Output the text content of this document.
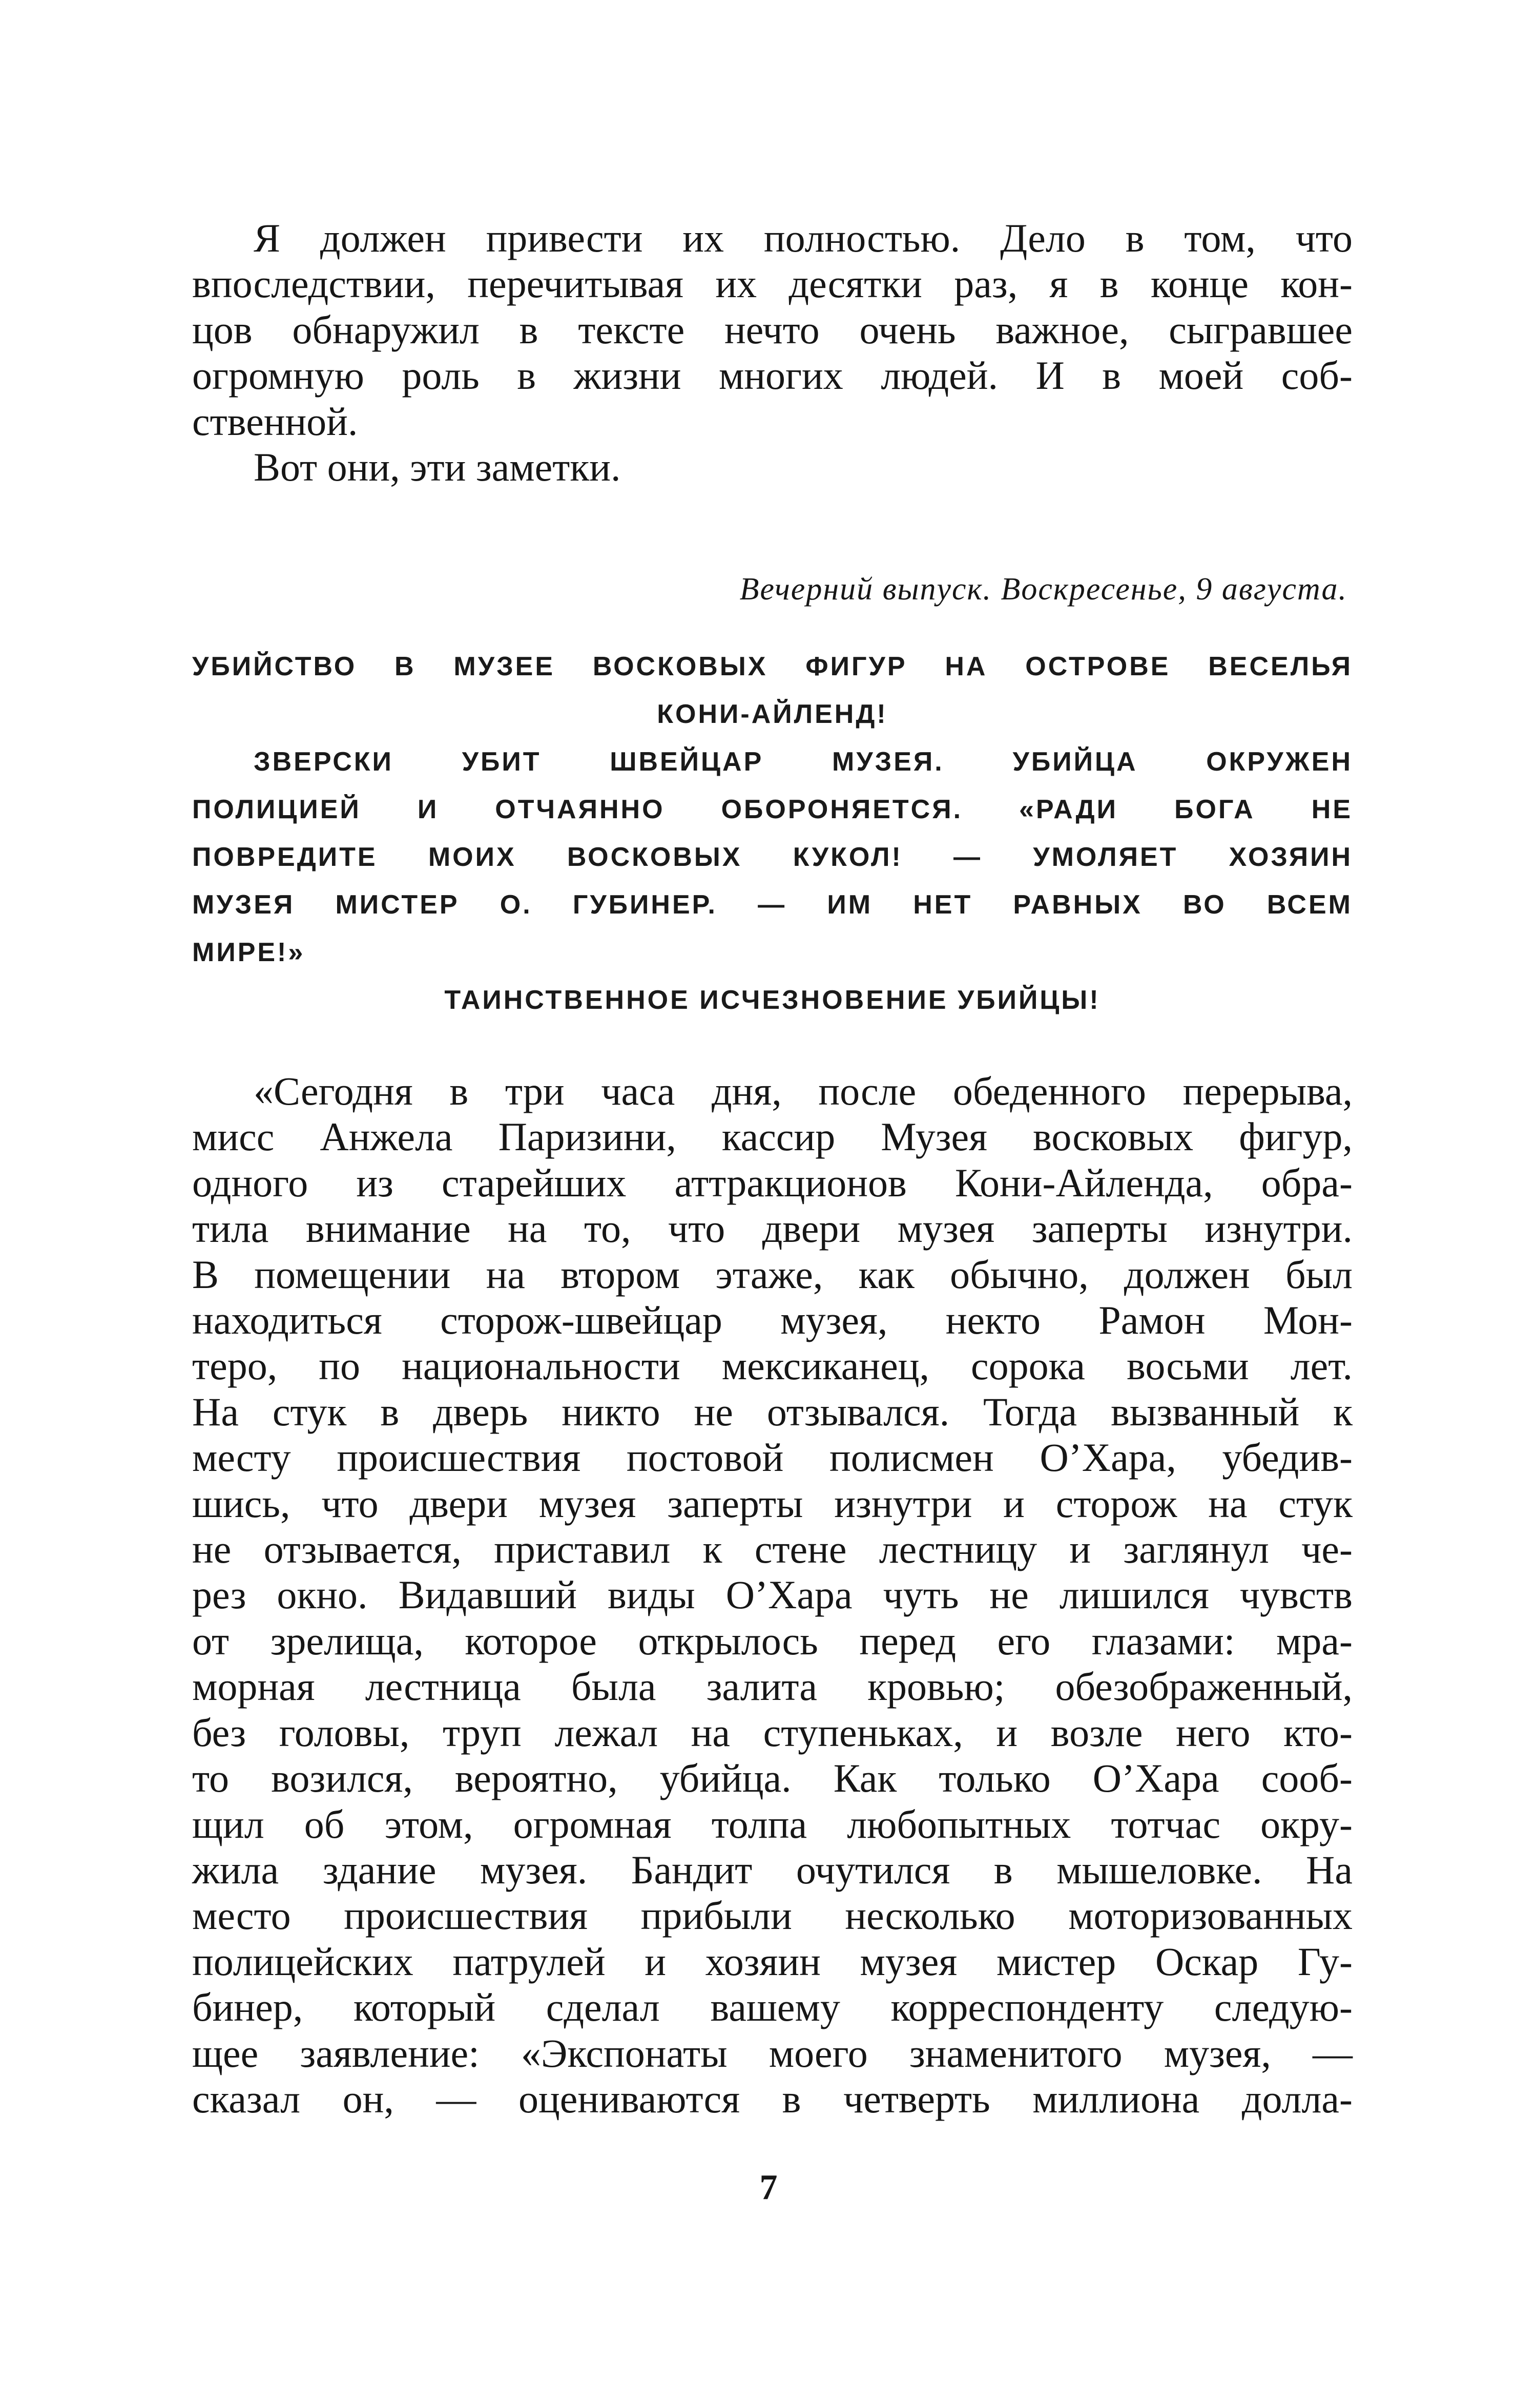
Я должен привести их полностью. Дело в том, что
впоследствии, перечитывая их десятки раз, я в конце кон-
цов обнаружил в тексте нечто очень важное, сыгравшее
огромную роль в жизни многих людей. И в моей соб-
ственной.
Вот они, эти заметки.
Вечерний выпуск. Воскресенье, 9 августа.
УБИЙСТВО В МУЗЕЕ ВОСКОВЫХ ФИГУР НА ОСТРОВЕ ВЕСЕЛЬЯ
КОНИ-АЙЛЕНД!
ЗВЕРСКИ УБИТ ШВЕЙЦАР МУЗЕЯ. УБИЙЦА ОКРУЖЕН
ПОЛИЦИЕЙ И ОТЧАЯННО ОБОРОНЯЕТСЯ. «РАДИ БОГА НЕ
ПОВРЕДИТЕ МОИХ ВОСКОВЫХ КУКОЛ! — УМОЛЯЕТ ХОЗЯИН
МУЗЕЯ МИСТЕР О. ГУБИНЕР. — ИМ НЕТ РАВНЫХ ВО ВСЕМ
МИРЕ!»
ТАИНСТВЕННОЕ ИСЧЕЗНОВЕНИЕ УБИЙЦЫ!
«Сегодня в три часа дня, после обеденного перерыва,
мисс Анжела Паризини, кассир Музея восковых фигур,
одного из старейших аттракционов Кони-Айленда, обра-
тила внимание на то, что двери музея заперты изнутри.
В помещении на втором этаже, как обычно, должен был
находиться сторож-швейцар музея, некто Рамон Мон-
теро, по национальности мексиканец, сорока восьми лет.
На стук в дверь никто не отзывался. Тогда вызванный к
месту происшествия постовой полисмен О’Хара, убедив-
шись, что двери музея заперты изнутри и сторож на стук
не отзывается, приставил к стене лестницу и заглянул че-
рез окно. Видавший виды О’Хара чуть не лишился чувств
от зрелища, которое открылось перед его глазами: мра-
морная лестница была залита кровью; обезображенный,
без головы, труп лежал на ступеньках, и возле него кто-
то возился, вероятно, убийца. Как только О’Хара сооб-
щил об этом, огромная толпа любопытных тотчас окру-
жила здание музея. Бандит очутился в мышеловке. На
место происшествия прибыли несколько моторизованных
полицейских патрулей и хозяин музея мистер Оскар Гу-
бинер, который сделал вашему корреспонденту следую-
щее заявление: «Экспонаты моего знаменитого музея, —
сказал он, — оцениваются в четверть миллиона долла-
7
